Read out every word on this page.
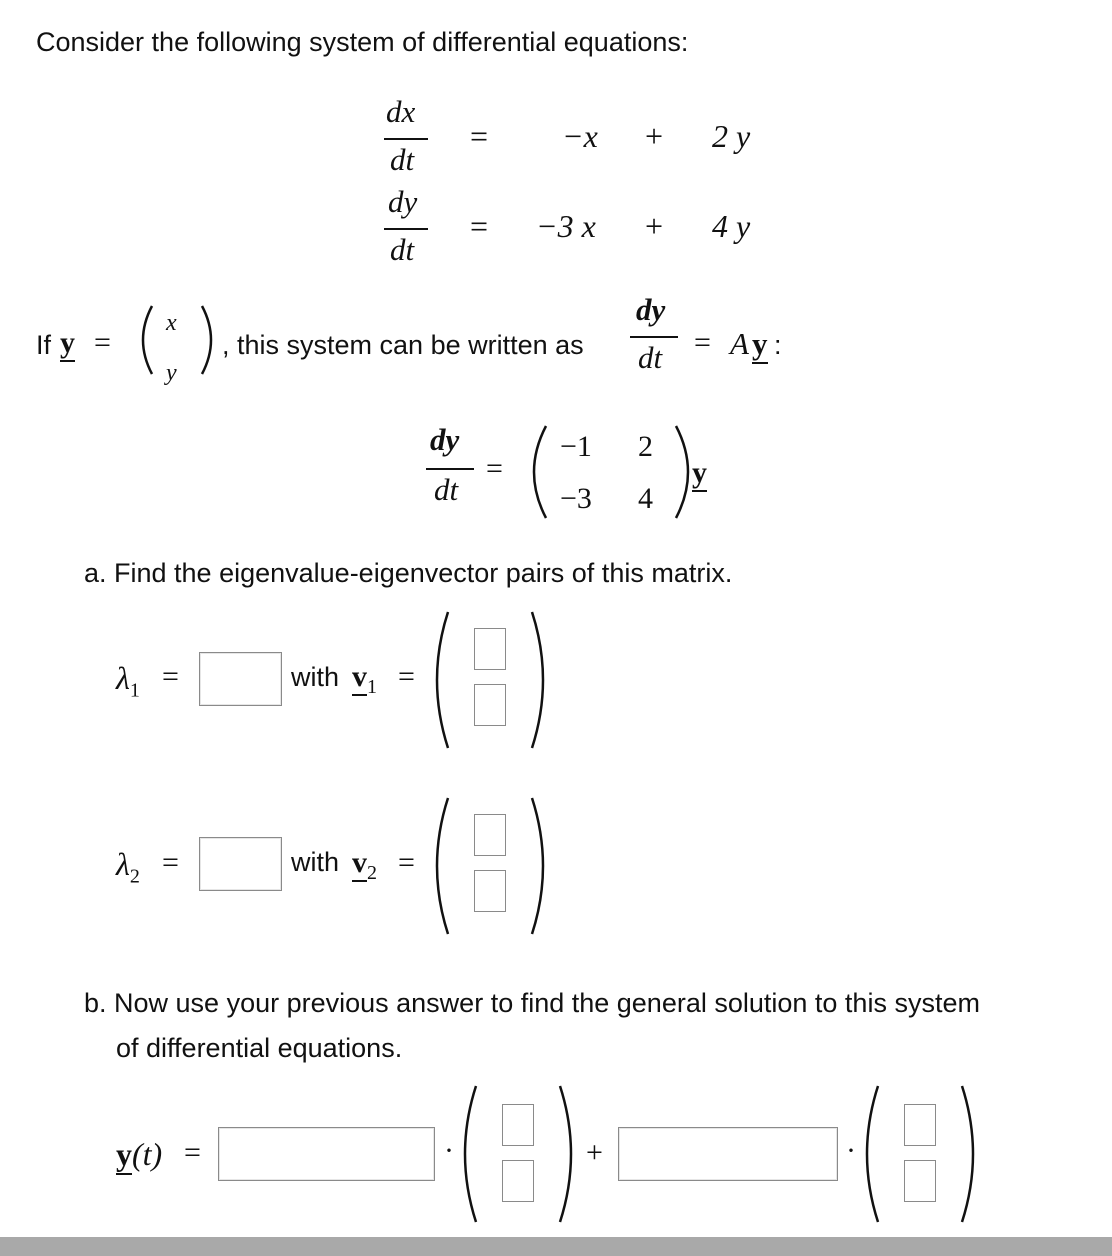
Consider the following system of differential equations:
dx
dt
= −x + 2 y
dy
dt
= −3 x + 4 y
If y =
x
y
, this system can be written as
dy
dt = A y :
dy
dt
=
−1 2
−3 4
y
a. Find the eigenvalue-eigenvector pairs of this matrix.
$\lambda_1$ =	with $v_1$ =
$\lambda_2$ =	with $v_2$ =
b. Now use your previous answer to find the general solution to this system
of differential equations.
y(t) =	·	+	·
